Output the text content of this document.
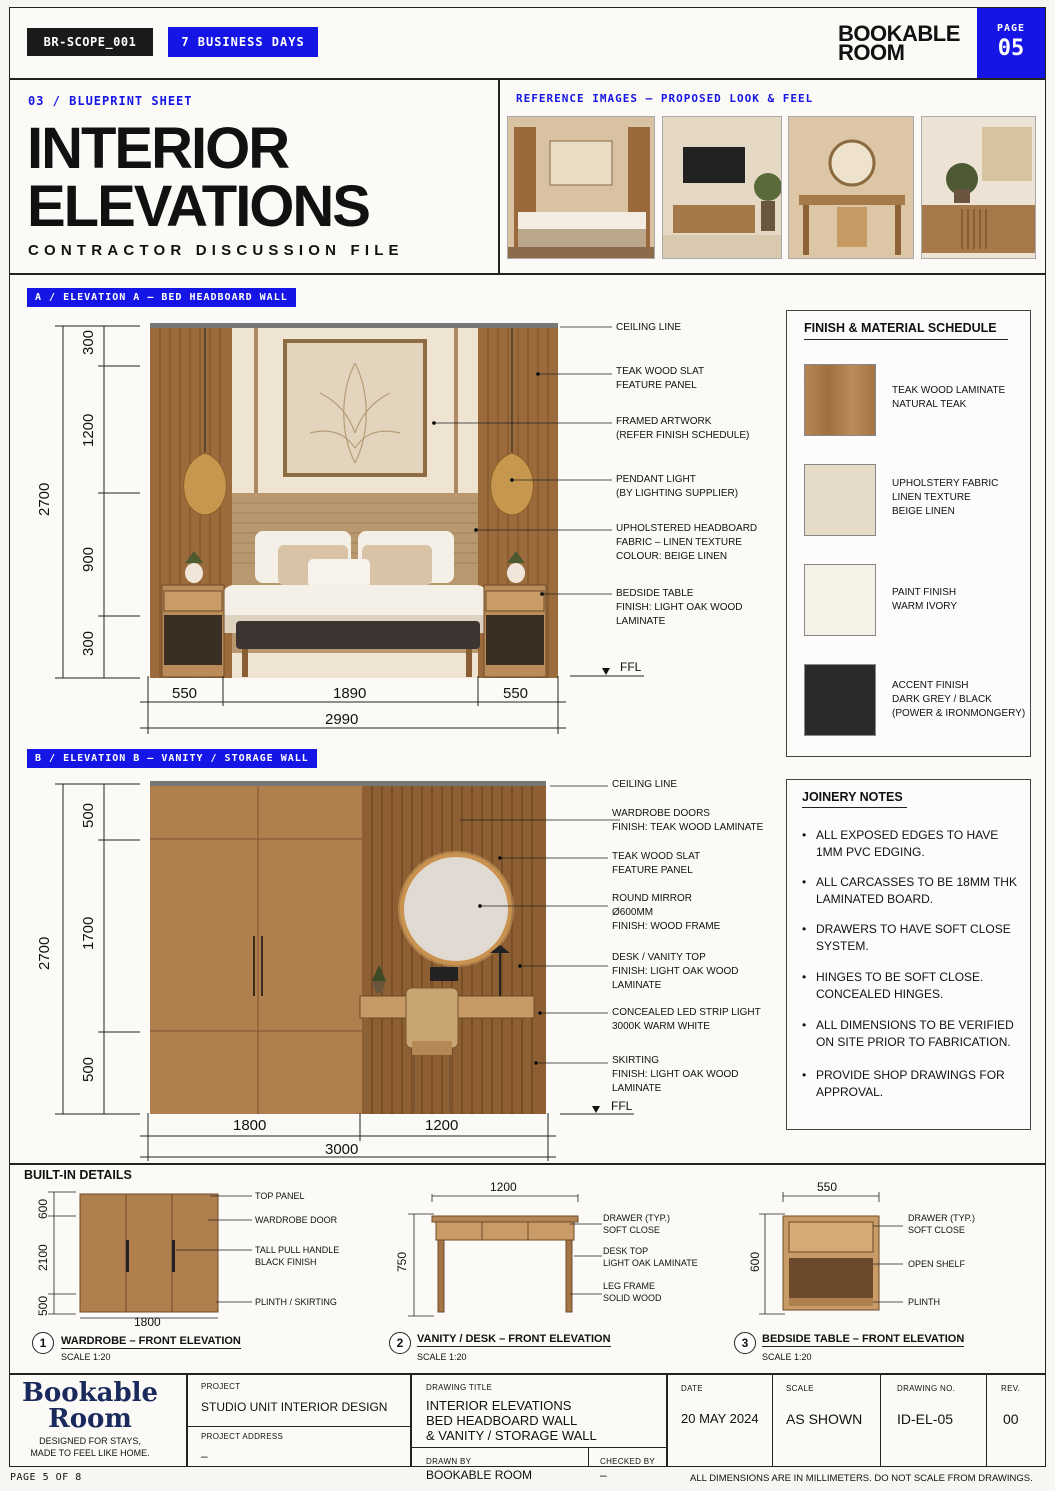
BR-SCOPE_001	7 BUSINESS DAYS	BOOKABLE
ROOM
PAGE
05
03 / BLUEPRINT SHEET
INTERIOR
ELEVATIONS
CONTRACTOR DISCUSSION FILE
REFERENCE IMAGES – PROPOSED LOOK & FEEL
A / ELEVATION A – BED HEADBOARD WALL
2700
300
1200
900
300
550	1890	550
2990
FFL
CEILING LINE
TEAK WOOD SLAT
FEATURE PANEL
FRAMED ARTWORK
(REFER FINISH SCHEDULE)
PENDANT LIGHT
(BY LIGHTING SUPPLIER)
UPHOLSTERED HEADBOARD
FABRIC – LINEN TEXTURE
COLOUR: BEIGE LINEN
BEDSIDE TABLE
FINISH: LIGHT OAK WOOD
LAMINATE
FINISH & MATERIAL SCHEDULE
TEAK WOOD LAMINATE
NATURAL TEAK
UPHOLSTERY FABRIC
LINEN TEXTURE
BEIGE LINEN
PAINT FINISH
WARM IVORY
ACCENT FINISH
DARK GREY / BLACK
(POWER & IRONMONGERY)
B / ELEVATION B – VANITY / STORAGE WALL
2700
500
1700
500
1800	1200
3000
FFL
CEILING LINE
WARDROBE DOORS
FINISH: TEAK WOOD LAMINATE
TEAK WOOD SLAT
FEATURE PANEL
ROUND MIRROR
Ø600MM
FINISH: WOOD FRAME
DESK / VANITY TOP
FINISH: LIGHT OAK WOOD
LAMINATE
CONCEALED LED STRIP LIGHT
3000K WARM WHITE
SKIRTING
FINISH: LIGHT OAK WOOD
LAMINATE
JOINERY NOTES
• ALL EXPOSED EDGES TO HAVE
1MM PVC EDGING.
• ALL CARCASSES TO BE 18MM THK
LAMINATED BOARD.
• DRAWERS TO HAVE SOFT CLOSE
SYSTEM.
• HINGES TO BE SOFT CLOSE.
CONCEALED HINGES.
• ALL DIMENSIONS TO BE VERIFIED
ON SITE PRIOR TO FABRICATION.
• PROVIDE SHOP DRAWINGS FOR
APPROVAL.
BUILT-IN DETAILS
600
2100
500
1800
TOP PANEL
WARDROBE DOOR
TALL PULL HANDLE
BLACK FINISH
PLINTH / SKIRTING
1	WARDROBE – FRONT ELEVATION
SCALE 1:20
1200
750
DRAWER (TYP.)
SOFT CLOSE
DESK TOP
LIGHT OAK LAMINATE
LEG FRAME
SOLID WOOD
2	VANITY / DESK – FRONT ELEVATION
SCALE 1:20
550
600
DRAWER (TYP.)
SOFT CLOSE
OPEN SHELF
PLINTH
3	BEDSIDE TABLE – FRONT ELEVATION
SCALE 1:20
Bookable
Room
DESIGNED FOR STAYS,
MADE TO FEEL LIKE HOME.
PROJECT
STUDIO UNIT INTERIOR DESIGN
PROJECT ADDRESS
–
DRAWING TITLE
INTERIOR ELEVATIONS
BED HEADBOARD WALL
& VANITY / STORAGE WALL
DRAWN BY
BOOKABLE ROOM
CHECKED BY
–
DATE
20 MAY 2024
SCALE
AS SHOWN
DRAWING NO.
ID-EL-05
REV.
00
PAGE 5 OF 8	ALL DIMENSIONS ARE IN MILLIMETERS. DO NOT SCALE FROM DRAWINGS.
